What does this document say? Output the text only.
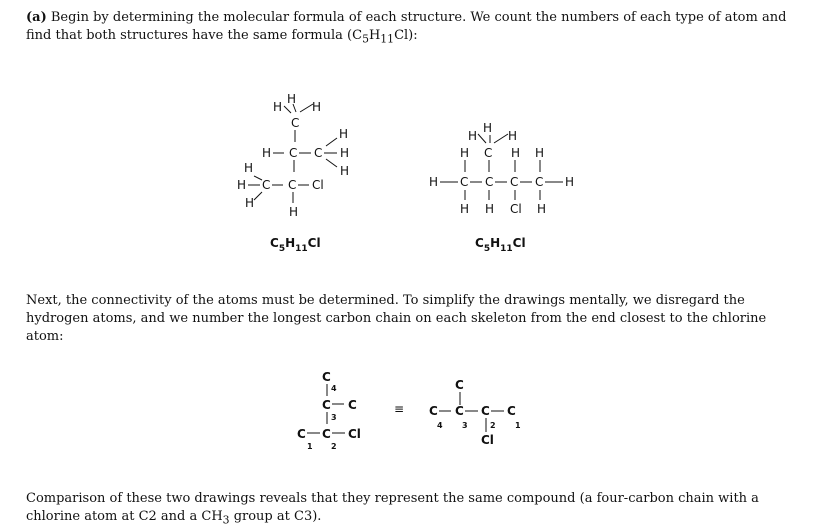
(a) Begin by determining the molecular formula of each structure. We count the numbers of each type of atom and find that both structures have the same formula $(C_5H_{11}Cl)$:
Next, the connectivity of the atoms must be determined. To simplify the drawings mentally, we disregard the hydrogen atoms, and we number the longest carbon chain on each skeleton from the end closest to the chlorine atom:
Comparison of these two drawings reveals that they represent the same compound (a four-carbon chain with a chlorine atom at C2 and a $CH_3$ group at C3).
H
H H
C
H
H C C H
H
H
H C C Cl
H
H
H
H	H
H C H H
H C C C C H
H H Cl H
$C_5H_{11}Cl$	$C_5H_{11}Cl$
C
4
C C
3
C C Cl
1 2
≡
C
C C C C
4 3	2 1
Cl
